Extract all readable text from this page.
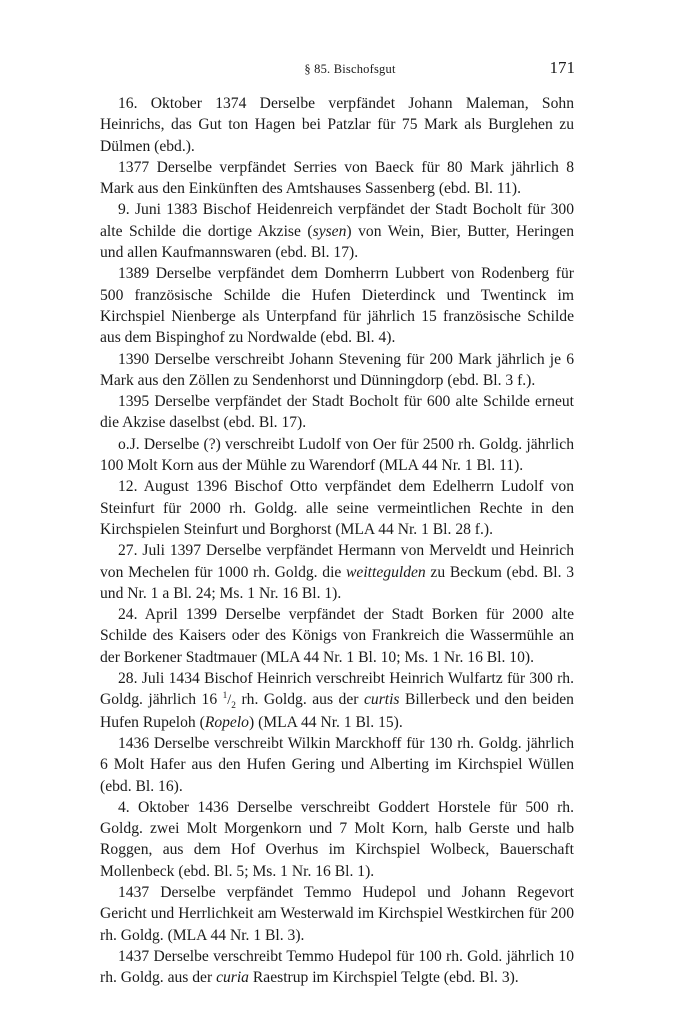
§ 85. Bischofsgut	171

16. Oktober 1374 Derselbe verpfändet Johann Maleman, Sohn Heinrichs, das Gut ton Hagen bei Patzlar für 75 Mark als Burglehen zu Dülmen (ebd.).

1377 Derselbe verpfändet Serries von Baeck für 80 Mark jährlich 8 Mark aus den Einkünften des Amtshauses Sassenberg (ebd. Bl. 11).

9. Juni 1383 Bischof Heidenreich verpfändet der Stadt Bocholt für 300 alte Schilde die dortige Akzise (sysen) von Wein, Bier, Butter, Heringen und allen Kaufmannswaren (ebd. Bl. 17).

1389 Derselbe verpfändet dem Domherrn Lubbert von Rodenberg für 500 französische Schilde die Hufen Dieterdinck und Twentinck im Kirchspiel Nienberge als Unterpfand für jährlich 15 französische Schilde aus dem Bispinghof zu Nordwalde (ebd. Bl. 4).

1390 Derselbe verschreibt Johann Stevening für 200 Mark jährlich je 6 Mark aus den Zöllen zu Sendenhorst und Dünningdorp (ebd. Bl. 3 f.).

1395 Derselbe verpfändet der Stadt Bocholt für 600 alte Schilde erneut die Akzise daselbst (ebd. Bl. 17).

o.J. Derselbe (?) verschreibt Ludolf von Oer für 2500 rh. Goldg. jährlich 100 Molt Korn aus der Mühle zu Warendorf (MLA 44 Nr. 1 Bl. 11).

12. August 1396 Bischof Otto verpfändet dem Edelherrn Ludolf von Steinfurt für 2000 rh. Goldg. alle seine vermeintlichen Rechte in den Kirchspielen Steinfurt und Borghorst (MLA 44 Nr. 1 Bl. 28 f.).

27. Juli 1397 Derselbe verpfändet Hermann von Merveldt und Heinrich von Mechelen für 1000 rh. Goldg. die weittegulden zu Beckum (ebd. Bl. 3 und Nr. 1 a Bl. 24; Ms. 1 Nr. 16 Bl. 1).

24. April 1399 Derselbe verpfändet der Stadt Borken für 2000 alte Schilde des Kaisers oder des Königs von Frankreich die Wassermühle an der Borkener Stadtmauer (MLA 44 Nr. 1 Bl. 10; Ms. 1 Nr. 16 Bl. 10).

28. Juli 1434 Bischof Heinrich verschreibt Heinrich Wulfartz für 300 rh. Goldg. jährlich 16 $^1/_2$ rh. Goldg. aus der curtis Billerbeck und den beiden Hufen Rupeloh (Ropelo) (MLA 44 Nr. 1 Bl. 15).

1436 Derselbe verschreibt Wilkin Marckhoff für 130 rh. Goldg. jährlich 6 Molt Hafer aus den Hufen Gering und Alberting im Kirchspiel Wüllen (ebd. Bl. 16).

4. Oktober 1436 Derselbe verschreibt Goddert Horstele für 500 rh. Goldg. zwei Molt Morgenkorn und 7 Molt Korn, halb Gerste und halb Roggen, aus dem Hof Overhus im Kirchspiel Wolbeck, Bauerschaft Mollenbeck (ebd. Bl. 5; Ms. 1 Nr. 16 Bl. 1).

1437 Derselbe verpfändet Temmo Hudepol und Johann Regevort Gericht und Herrlichkeit am Westerwald im Kirchspiel Westkirchen für 200 rh. Goldg. (MLA 44 Nr. 1 Bl. 3).

1437 Derselbe verschreibt Temmo Hudepol für 100 rh. Gold. jährlich 10 rh. Goldg. aus der curia Raestrup im Kirchspiel Telgte (ebd. Bl. 3).
